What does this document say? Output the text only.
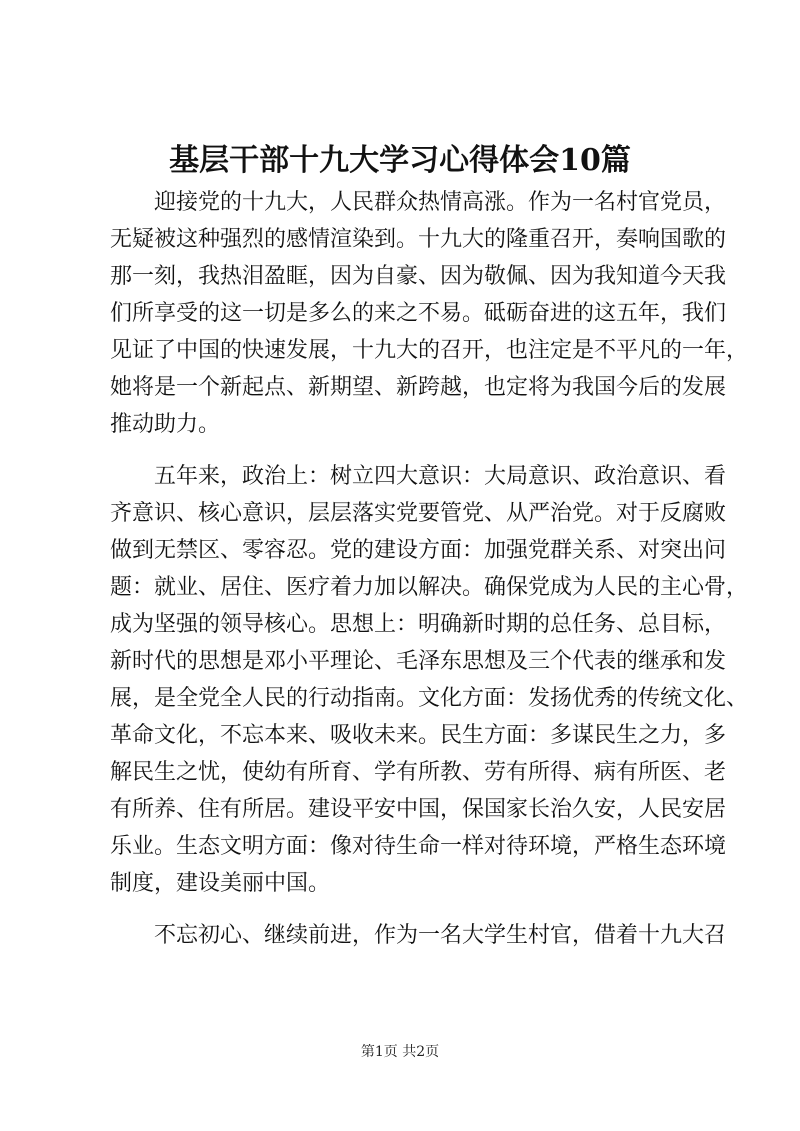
基层干部十九大学习心得体会10篇
迎接党的十九大，人民群众热情高涨。作为一名村官党员，
无疑被这种强烈的感情渲染到。十九大的隆重召开，奏响国歌的
那一刻，我热泪盈眶，因为自豪、因为敬佩、因为我知道今天我
们所享受的这一切是多么的来之不易。砥砺奋进的这五年，我们
见证了中国的快速发展，十九大的召开，也注定是不平凡的一年，
她将是一个新起点、新期望、新跨越，也定将为我国今后的发展
推动助力。
五年来，政治上：树立四大意识：大局意识、政治意识、看
齐意识、核心意识，层层落实党要管党、从严治党。对于反腐败
做到无禁区、零容忍。党的建设方面：加强党群关系、对突出问
题：就业、居住、医疗着力加以解决。确保党成为人民的主心骨，
成为坚强的领导核心。思想上：明确新时期的总任务、总目标，
新时代的思想是邓小平理论、毛泽东思想及三个代表的继承和发
展，是全党全人民的行动指南。文化方面：发扬优秀的传统文化、
革命文化，不忘本来、吸收未来。民生方面：多谋民生之力，多
解民生之忧，使幼有所育、学有所教、劳有所得、病有所医、老
有所养、住有所居。建设平安中国，保国家长治久安，人民安居
乐业。生态文明方面：像对待生命一样对待环境，严格生态环境
制度，建设美丽中国。
不忘初心、继续前进，作为一名大学生村官，借着十九大召
第1页 共2页
